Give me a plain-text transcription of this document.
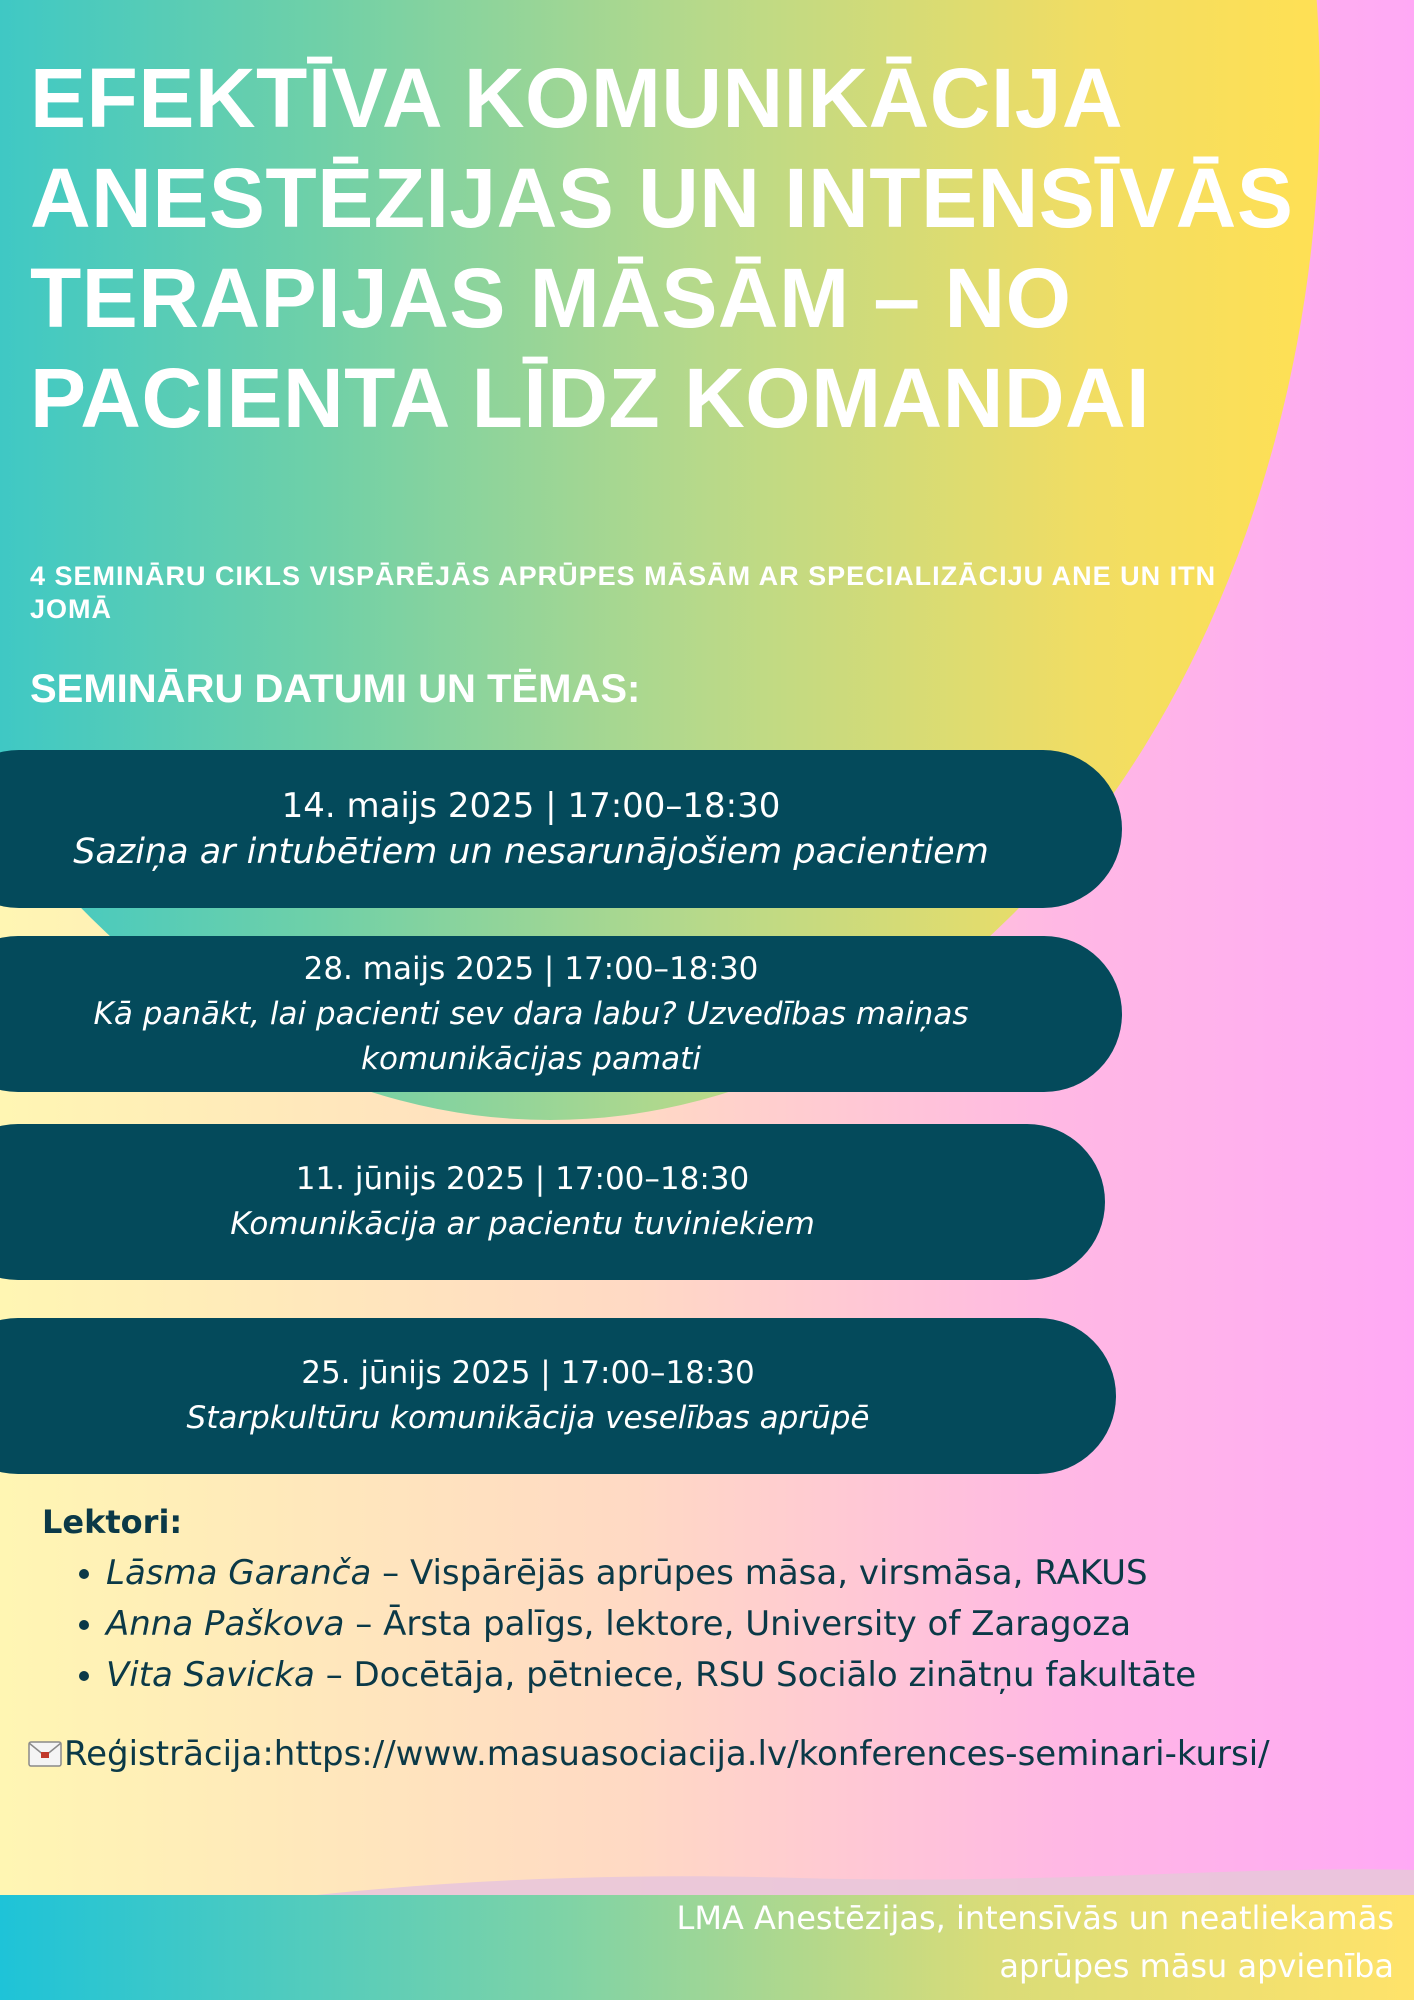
EFEKTĪVA KOMUNIKĀCIJA ANESTĒZIJAS UN INTENSĪVĀS TERAPIJAS MĀSĀM – NO PACIENTA LĪDZ KOMANDAI

4 SEMINĀRU CIKLS VISPĀRĒJĀS APRŪPES MĀSĀM AR SPECIALIZĀCIJU ANE UN ITN JOMĀ

SEMINĀRU DATUMI UN TĒMAS:
14. maijs 2025 | 17:00–18:30
Saziņa ar intubētiem un nesarunājošiem pacientiem
28. maijs 2025 | 17:00–18:30
Kā panākt, lai pacienti sev dara labu? Uzvedības maiņas komunikācijas pamati
11. jūnijs 2025 | 17:00–18:30
Komunikācija ar pacientu tuviniekiem
25. jūnijs 2025 | 17:00–18:30
Starpkultūru komunikācija veselības aprūpē
Lektori:
• Lāsma Garanča – Vispārējās aprūpes māsa, virsmāsa, RAKUS
• Anna Paškova – Ārsta palīgs, lektore, University of Zaragoza
• Vita Savicka – Docētāja, pētniece, RSU Sociālo zinātņu fakultāte
Reģistrācija: https://www.masuasociacija.lv/konferences-seminari-kursi/
LMA Anestēzijas, intensīvās un neatliekamās
aprūpes māsu apvienība
